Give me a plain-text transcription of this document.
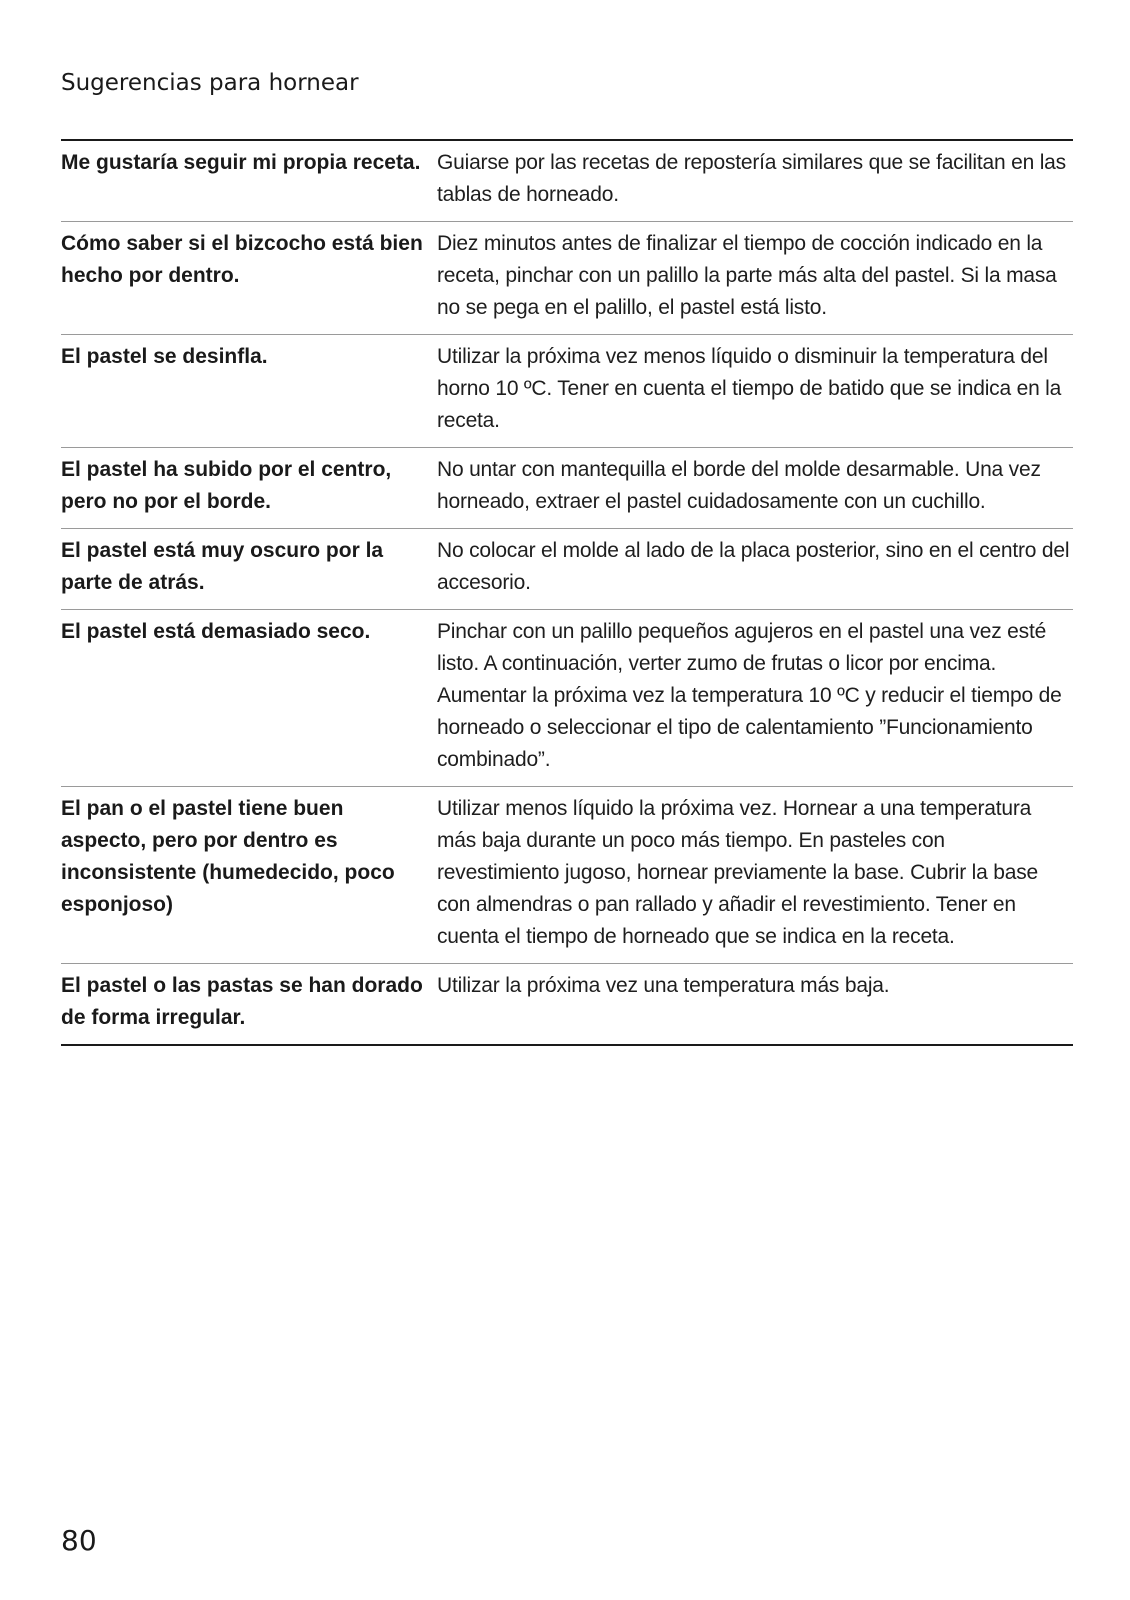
Sugerencias para hornear
Me gustaría seguir mi propia receta. Guiarse por las recetas de repostería similares que se facilitan en las tablas de horneado.
Cómo saber si el bizcocho está bien hecho por dentro.
Diez minutos antes de finalizar el tiempo de cocción indicado en la receta, pinchar con un palillo la parte más alta del pastel. Si la masa no se pega en el palillo, el pastel está listo.
El pastel se desinfla.	Utilizar la próxima vez menos líquido o disminuir la temperatura del horno 10 ºC. Tener en cuenta el tiempo de batido que se indica en la receta.
El pastel ha subido por el centro, pero no por el borde.
No untar con mantequilla el borde del molde desarmable. Una vez horneado, extraer el pastel cuidadosamente con un cuchillo.
El pastel está muy oscuro por la parte de atrás.
No colocar el molde al lado de la placa posterior, sino en el centro del accesorio.
El pastel está demasiado seco.	Pinchar con un palillo pequeños agujeros en el pastel una vez esté listo. A continuación, verter zumo de frutas o licor por encima. Aumentar la próxima vez la temperatura 10 ºC y reducir el tiempo de horneado o seleccionar el tipo de calentamiento ”Funcionamiento combinado”.
El pan o el pastel tiene buen aspecto, pero por dentro es inconsistente (humedecido, poco esponjoso)
Utilizar menos líquido la próxima vez. Hornear a una temperatura más baja durante un poco más tiempo. En pasteles con revestimiento jugoso, hornear previamente la base. Cubrir la base con almendras o pan rallado y añadir el revestimiento. Tener en cuenta el tiempo de horneado que se indica en la receta.
El pastel o las pastas se han dorado de forma irregular.
Utilizar la próxima vez una temperatura más baja.

80
